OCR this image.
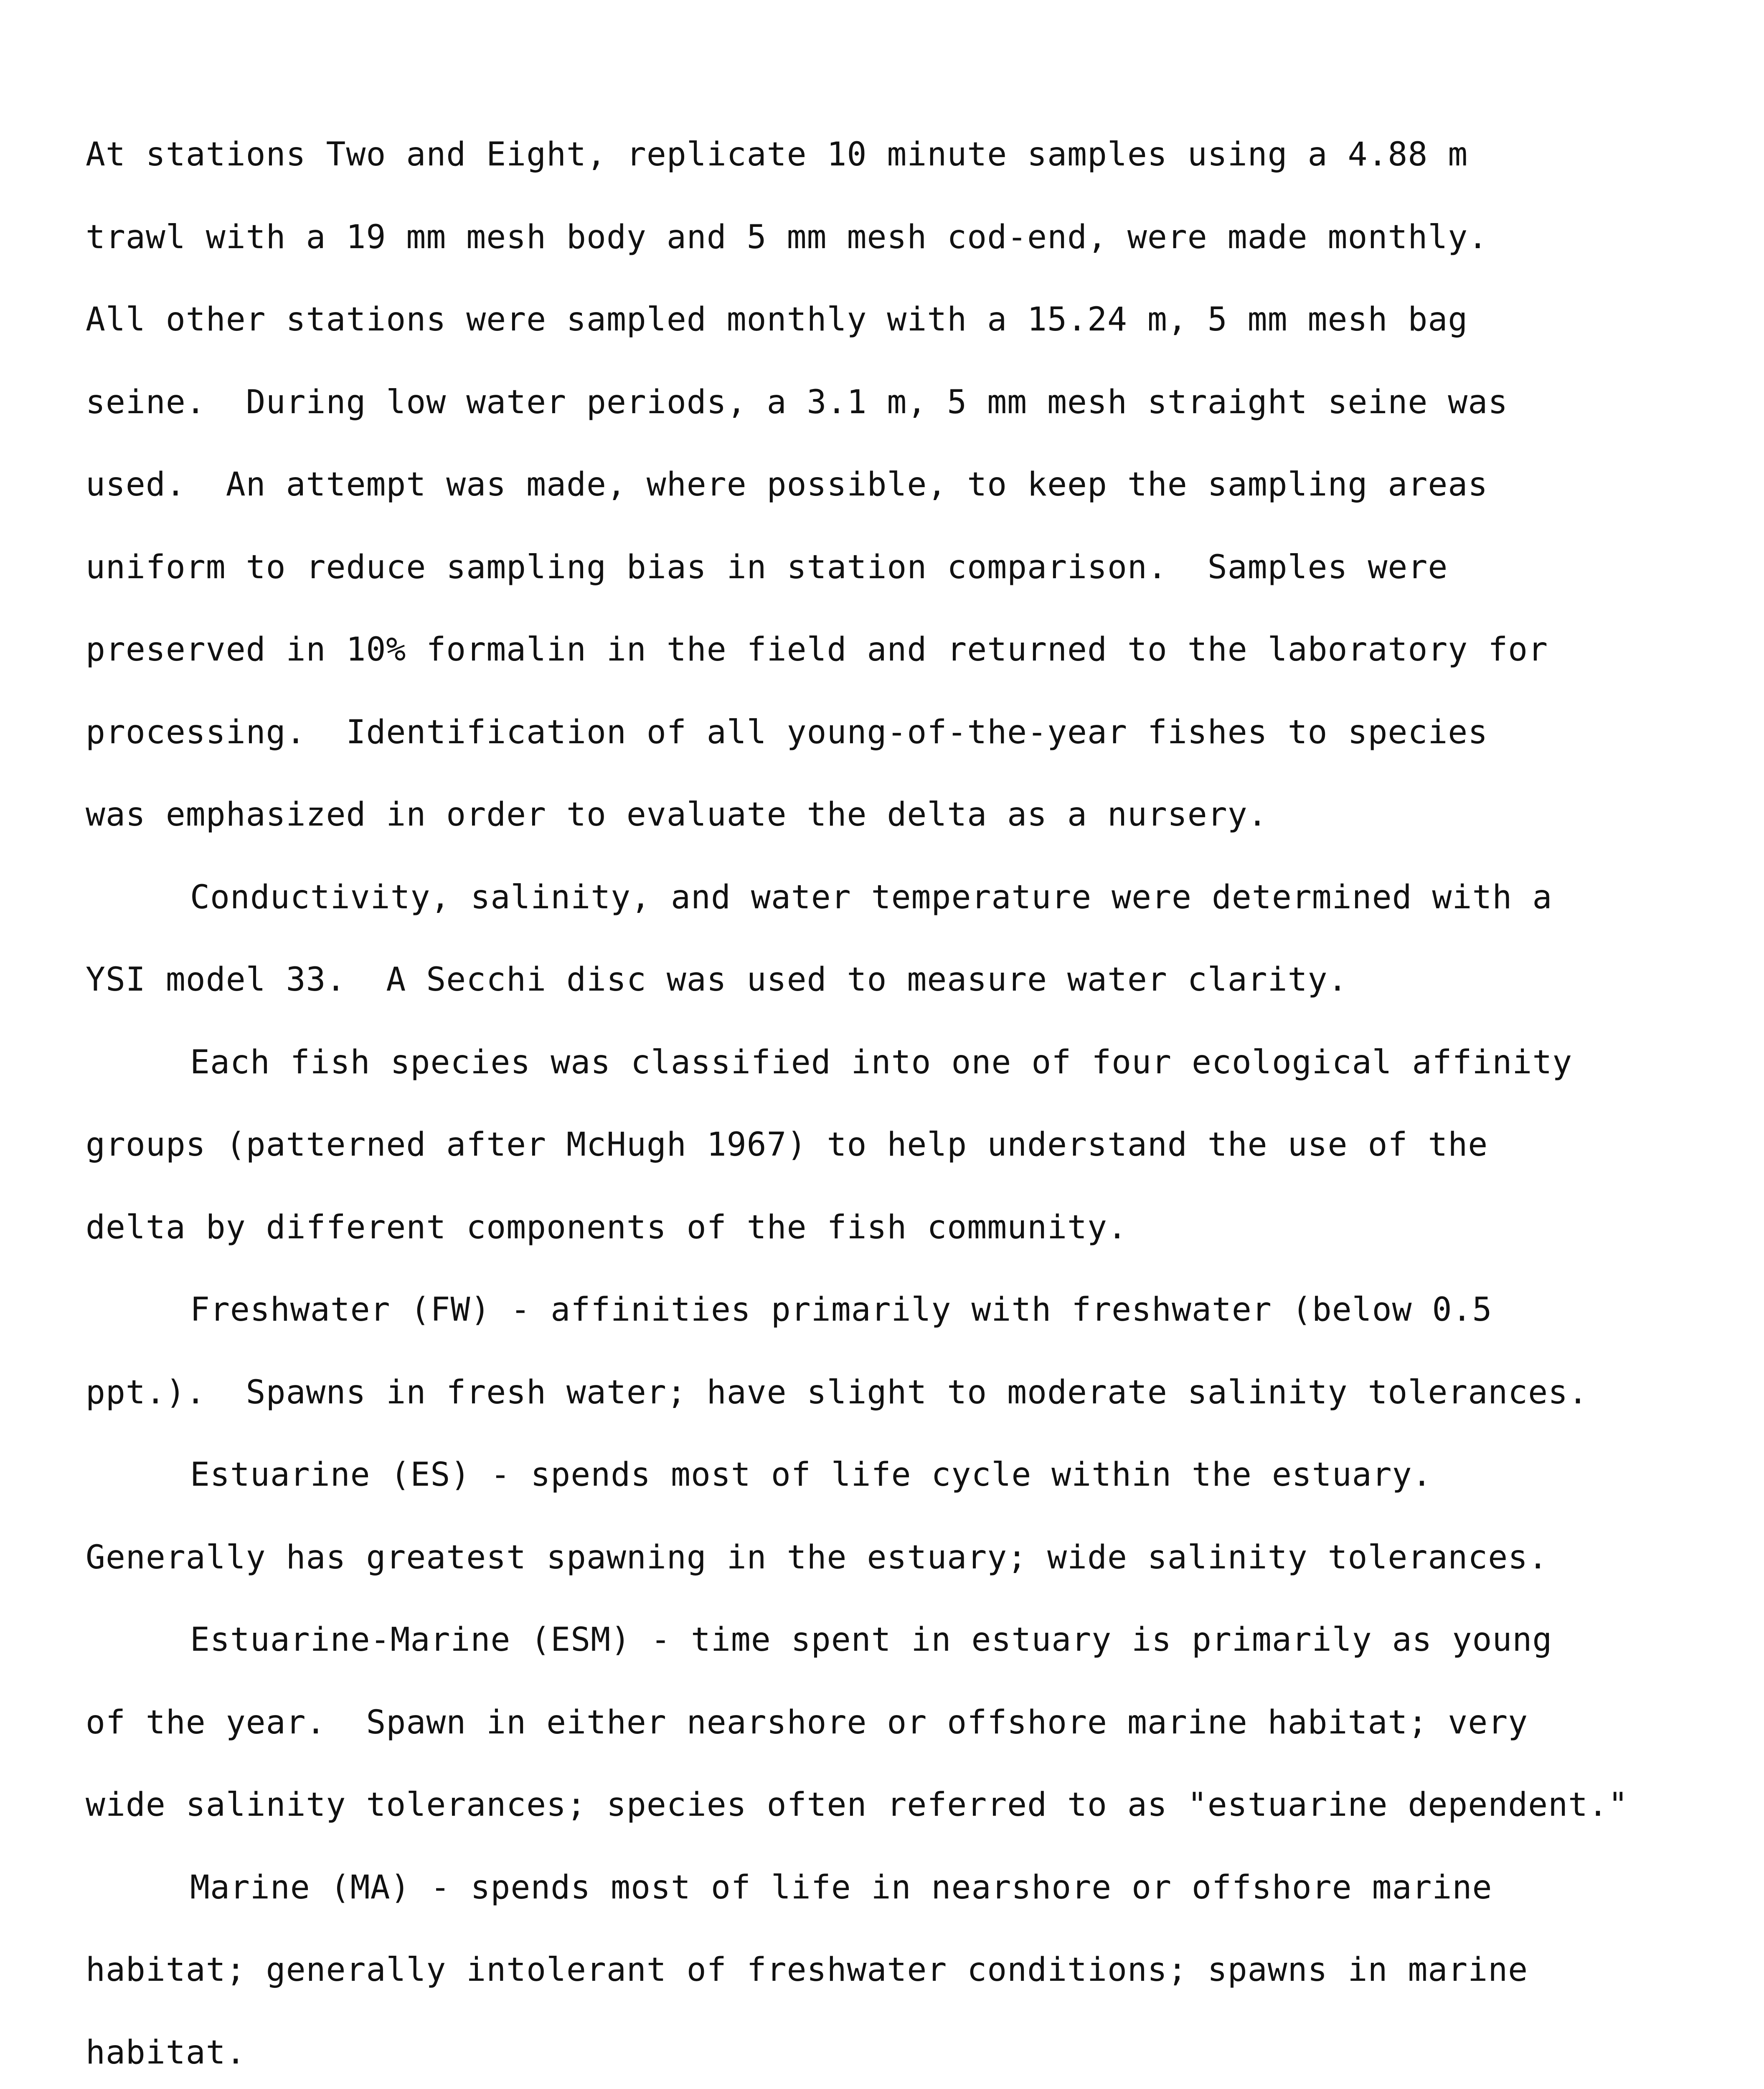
At stations Two and Eight, replicate 10 minute samples using a 4.88 m
trawl with a 19 mm mesh body and 5 mm mesh cod-end, were made monthly.
All other stations were sampled monthly with a 15.24 m, 5 mm mesh bag
seine.  During low water periods, a 3.1 m, 5 mm mesh straight seine was
used.  An attempt was made, where possible, to keep the sampling areas
uniform to reduce sampling bias in station comparison.  Samples were
preserved in 10% formalin in the field and returned to the laboratory for
processing.  Identification of all young-of-the-year fishes to species
was emphasized in order to evaluate the delta as a nursery.
Conductivity, salinity, and water temperature were determined with a
YSI model 33.  A Secchi disc was used to measure water clarity.
Each fish species was classified into one of four ecological affinity
groups (patterned after McHugh 1967) to help understand the use of the
delta by different components of the fish community.
Freshwater (FW) - affinities primarily with freshwater (below 0.5
ppt.).  Spawns in fresh water; have slight to moderate salinity tolerances.
Estuarine (ES) - spends most of life cycle within the estuary.
Generally has greatest spawning in the estuary; wide salinity tolerances.
Estuarine-Marine (ESM) - time spent in estuary is primarily as young
of the year.  Spawn in either nearshore or offshore marine habitat; very
wide salinity tolerances; species often referred to as "estuarine dependent."
Marine (MA) - spends most of life in nearshore or offshore marine
habitat; generally intolerant of freshwater conditions; spawns in marine
habitat.
